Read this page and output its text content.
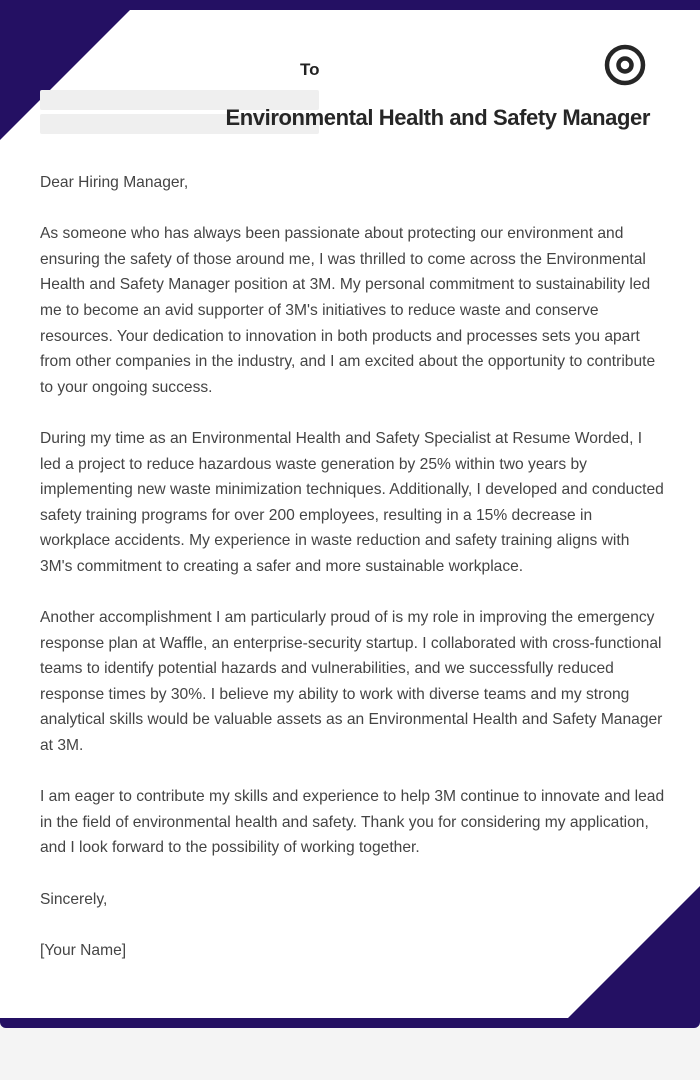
To
Environmental Health and Safety Manager

Dear Hiring Manager,

As someone who has always been passionate about protecting our environment and ensuring the safety of those around me, I was thrilled to come across the Environmental Health and Safety Manager position at 3M. My personal commitment to sustainability led me to become an avid supporter of 3M's initiatives to reduce waste and conserve resources. Your dedication to innovation in both products and processes sets you apart from other companies in the industry, and I am excited about the opportunity to contribute to your ongoing success.

During my time as an Environmental Health and Safety Specialist at Resume Worded, I led a project to reduce hazardous waste generation by 25% within two years by implementing new waste minimization techniques. Additionally, I developed and conducted safety training programs for over 200 employees, resulting in a 15% decrease in workplace accidents. My experience in waste reduction and safety training aligns with 3M's commitment to creating a safer and more sustainable workplace.

Another accomplishment I am particularly proud of is my role in improving the emergency response plan at Waffle, an enterprise-security startup. I collaborated with cross-functional teams to identify potential hazards and vulnerabilities, and we successfully reduced response times by 30%. I believe my ability to work with diverse teams and my strong analytical skills would be valuable assets as an Environmental Health and Safety Manager at 3M.

I am eager to contribute my skills and experience to help 3M continue to innovate and lead in the field of environmental health and safety. Thank you for considering my application, and I look forward to the possibility of working together.

Sincerely,

[Your Name]
